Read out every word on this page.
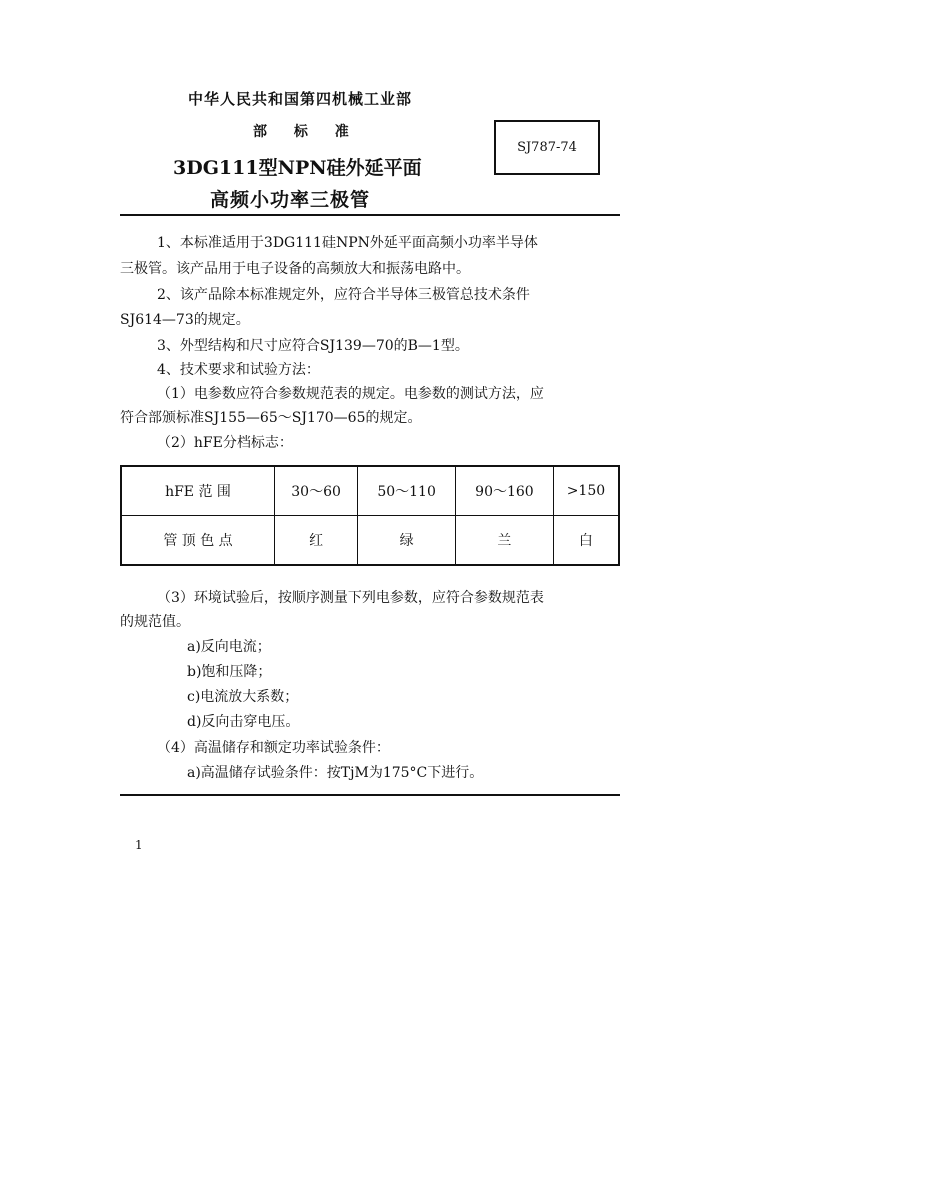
中华人民共和国第四机械工业部
部 标 准
SJ787-74
3DG111型NPN硅外延平面
高频小功率三极管
1、本标准适用于3DG111硅NPN外延平面高频小功率半导体
三极管。该产品用于电子设备的高频放大和振荡电路中。
2、该产品除本标准规定外，应符合半导体三极管总技术条件
SJ614—73的规定。
3、外型结构和尺寸应符合SJ139—70的B—1型。
4、技术要求和试验方法：
（1）电参数应符合参数规范表的规定。电参数的测试方法，应
符合部颁标准SJ155—65～SJ170—65的规定。
（2）hFE分档标志：
hFE 范 围	30～60	50～110	90～160	>150
管 顶 色 点	红	绿	兰	白
（3）环境试验后，按顺序测量下列电参数，应符合参数规范表
的规范值。
a)反向电流；
b)饱和压降；
c)电流放大系数；
d)反向击穿电压。
（4）高温储存和额定功率试验条件：
a)高温储存试验条件：按TjM为175°C下进行。
1
